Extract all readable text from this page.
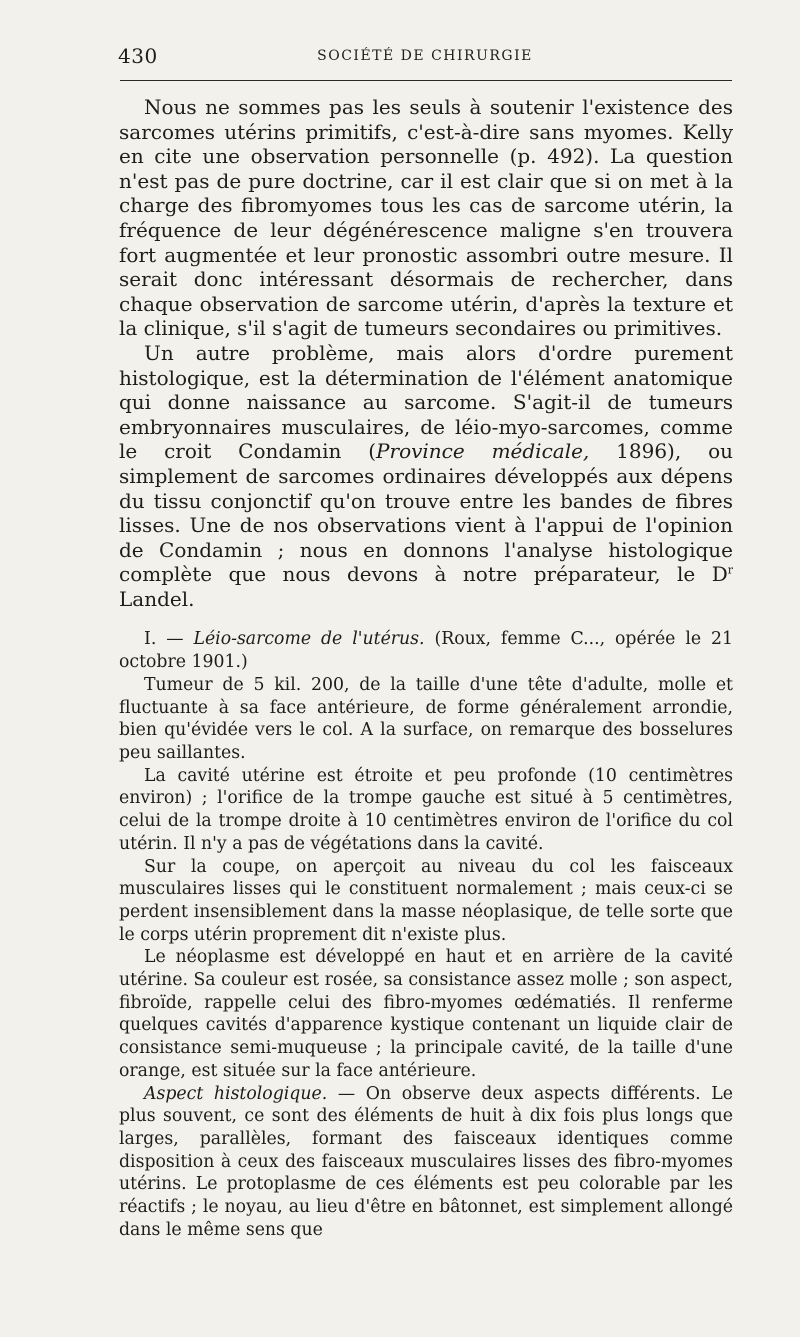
430	SOCIÉTÉ DE CHIRURGIE

Nous ne sommes pas les seuls à soutenir l'existence des sarcomes utérins primitifs, c'est-à-dire sans myomes. Kelly en cite une observation personnelle (p. 492). La question n'est pas de pure doctrine, car il est clair que si on met à la charge des fibromyomes tous les cas de sarcome utérin, la fréquence de leur dégénérescence maligne s'en trouvera fort augmentée et leur pronostic assombri outre mesure. Il serait donc intéressant désormais de rechercher, dans chaque observation de sarcome utérin, d'après la texture et la clinique, s'il s'agit de tumeurs secondaires ou primitives.

Un autre problème, mais alors d'ordre purement histologique, est la détermination de l'élément anatomique qui donne naissance au sarcome. S'agit-il de tumeurs embryonnaires musculaires, de léio-myo-sarcomes, comme le croit Condamin (Province médicale, 1896), ou simplement de sarcomes ordinaires développés aux dépens du tissu conjonctif qu'on trouve entre les bandes de fibres lisses. Une de nos observations vient à l'appui de l'opinion de Condamin ; nous en donnons l'analyse histologique complète que nous devons à notre préparateur, le $D^r$ Landel.

I. — Léio-sarcome de l'utérus. (Roux, femme C..., opérée le 21 octobre 1901.)

Tumeur de 5 kil. 200, de la taille d'une tête d'adulte, molle et fluctuante à sa face antérieure, de forme généralement arrondie, bien qu'évidée vers le col. A la surface, on remarque des bosselures peu saillantes.

La cavité utérine est étroite et peu profonde (10 centimètres environ) ; l'orifice de la trompe gauche est situé à 5 centimètres, celui de la trompe droite à 10 centimètres environ de l'orifice du col utérin. Il n'y a pas de végétations dans la cavité.

Sur la coupe, on aperçoit au niveau du col les faisceaux musculaires lisses qui le constituent normalement ; mais ceux-ci se perdent insensiblement dans la masse néoplasique, de telle sorte que le corps utérin proprement dit n'existe plus.

Le néoplasme est développé en haut et en arrière de la cavité utérine. Sa couleur est rosée, sa consistance assez molle ; son aspect, fibroïde, rappelle celui des fibro-myomes œdématiés. Il renferme quelques cavités d'apparence kystique contenant un liquide clair de consistance semi-muqueuse ; la principale cavité, de la taille d'une orange, est située sur la face antérieure.

Aspect histologique. — On observe deux aspects différents. Le plus souvent, ce sont des éléments de huit à dix fois plus longs que larges, parallèles, formant des faisceaux identiques comme disposition à ceux des faisceaux musculaires lisses des fibro-myomes utérins. Le protoplasme de ces éléments est peu colorable par les réactifs ; le noyau, au lieu d'être en bâtonnet, est simplement allongé dans le même sens que
